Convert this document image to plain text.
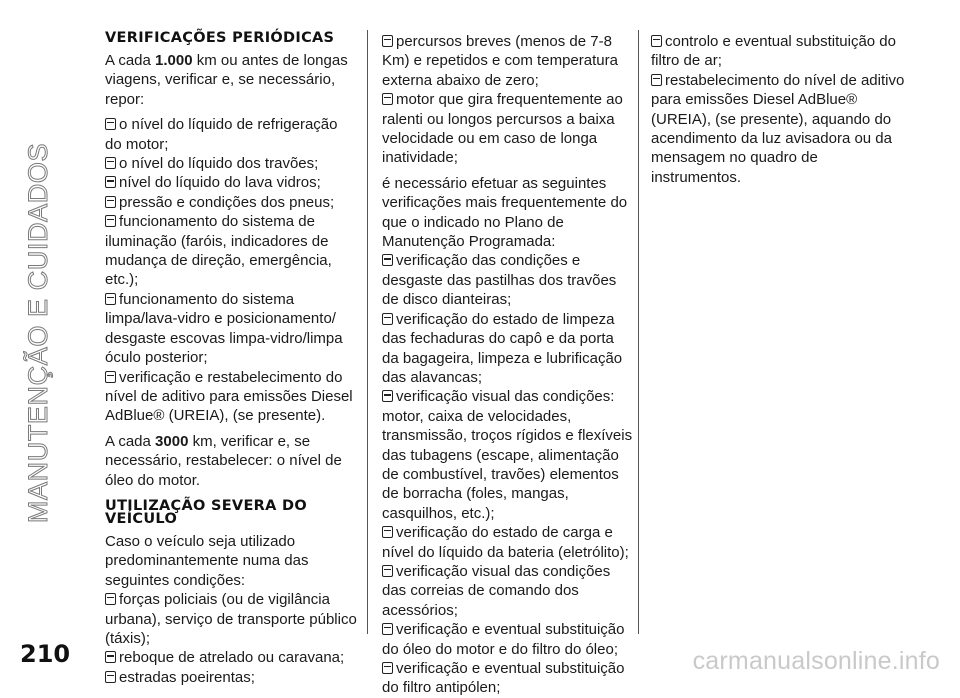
MANUTENÇÃO E CUIDADOS
VERIFICAÇÕES PERIÓDICAS
A cada 1.000 km ou antes de longas viagens, verificar e, se necessário, repor:
o nível do líquido de refrigeração do motor;
o nível do líquido dos travões;
nível do líquido do lava vidros;
pressão e condições dos pneus;
funcionamento do sistema de iluminação (faróis, indicadores de mudança de direção, emergência, etc.);
funcionamento do sistema limpa/lava-vidro e posicionamento/ desgaste escovas limpa-vidro/limpa óculo posterior;
verificação e restabelecimento do nível de aditivo para emissões Diesel AdBlue® (UREIA), (se presente).
A cada 3000 km, verificar e, se necessário, restabelecer: o nível de óleo do motor.
UTILIZAÇÃO SEVERA DO VEÍCULO
Caso o veículo seja utilizado predominantemente numa das seguintes condições:
forças policiais (ou de vigilância urbana), serviço de transporte público (táxis);
reboque de atrelado ou caravana;
estradas poeirentas;
percursos breves (menos de 7-8 Km) e repetidos e com temperatura externa abaixo de zero;
motor que gira frequentemente ao ralenti ou longos percursos a baixa velocidade ou em caso de longa inatividade;
é necessário efetuar as seguintes verificações mais frequentemente do que o indicado no Plano de Manutenção Programada:
verificação das condições e desgaste das pastilhas dos travões de disco dianteiras;
verificação do estado de limpeza das fechaduras do capô e da porta da bagageira, limpeza e lubrificação das alavancas;
verificação visual das condições: motor, caixa de velocidades, transmissão, troços rígidos e flexíveis das tubagens (escape, alimentação de combustível, travões) elementos de borracha (foles, mangas, casquilhos, etc.);
verificação do estado de carga e nível do líquido da bateria (eletrólito);
verificação visual das condições das correias de comando dos acessórios;
verificação e eventual substituição do óleo do motor e do filtro do óleo;
verificação e eventual substituição do filtro antipólen;
controlo e eventual substituição do filtro de ar;
restabelecimento do nível de aditivo para emissões Diesel AdBlue® (UREIA), (se presente), aquando do acendimento da luz avisadora ou da mensagem no quadro de instrumentos.
210	carmanualsonline.info
